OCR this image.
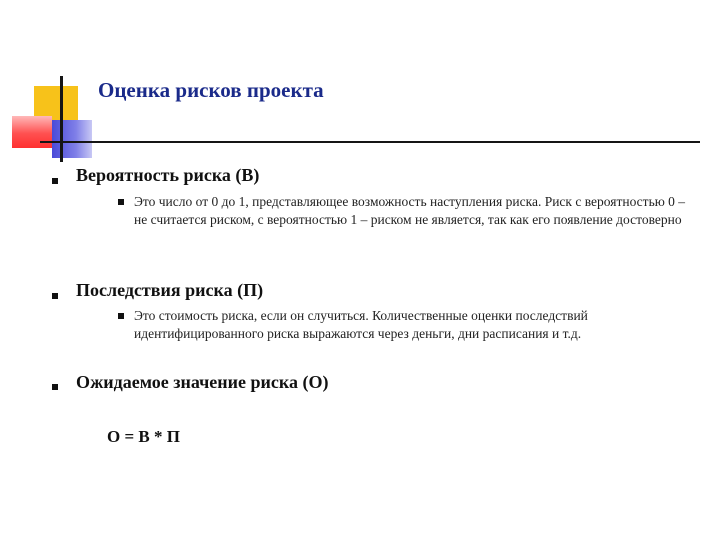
Оценка рисков проекта
Вероятность риска (В)
Это число от 0 до 1, представляющее возможность наступления риска. Риск с вероятностью 0 – не считается риском, с вероятностью 1 – риском не является, так как его появление достоверно
Последствия риска (П)
Это стоимость риска, если он случиться. Количественные оценки последствий идентифицированного риска выражаются через деньги, дни расписания и т.д.
Ожидаемое значение риска (О)
О = В * П
